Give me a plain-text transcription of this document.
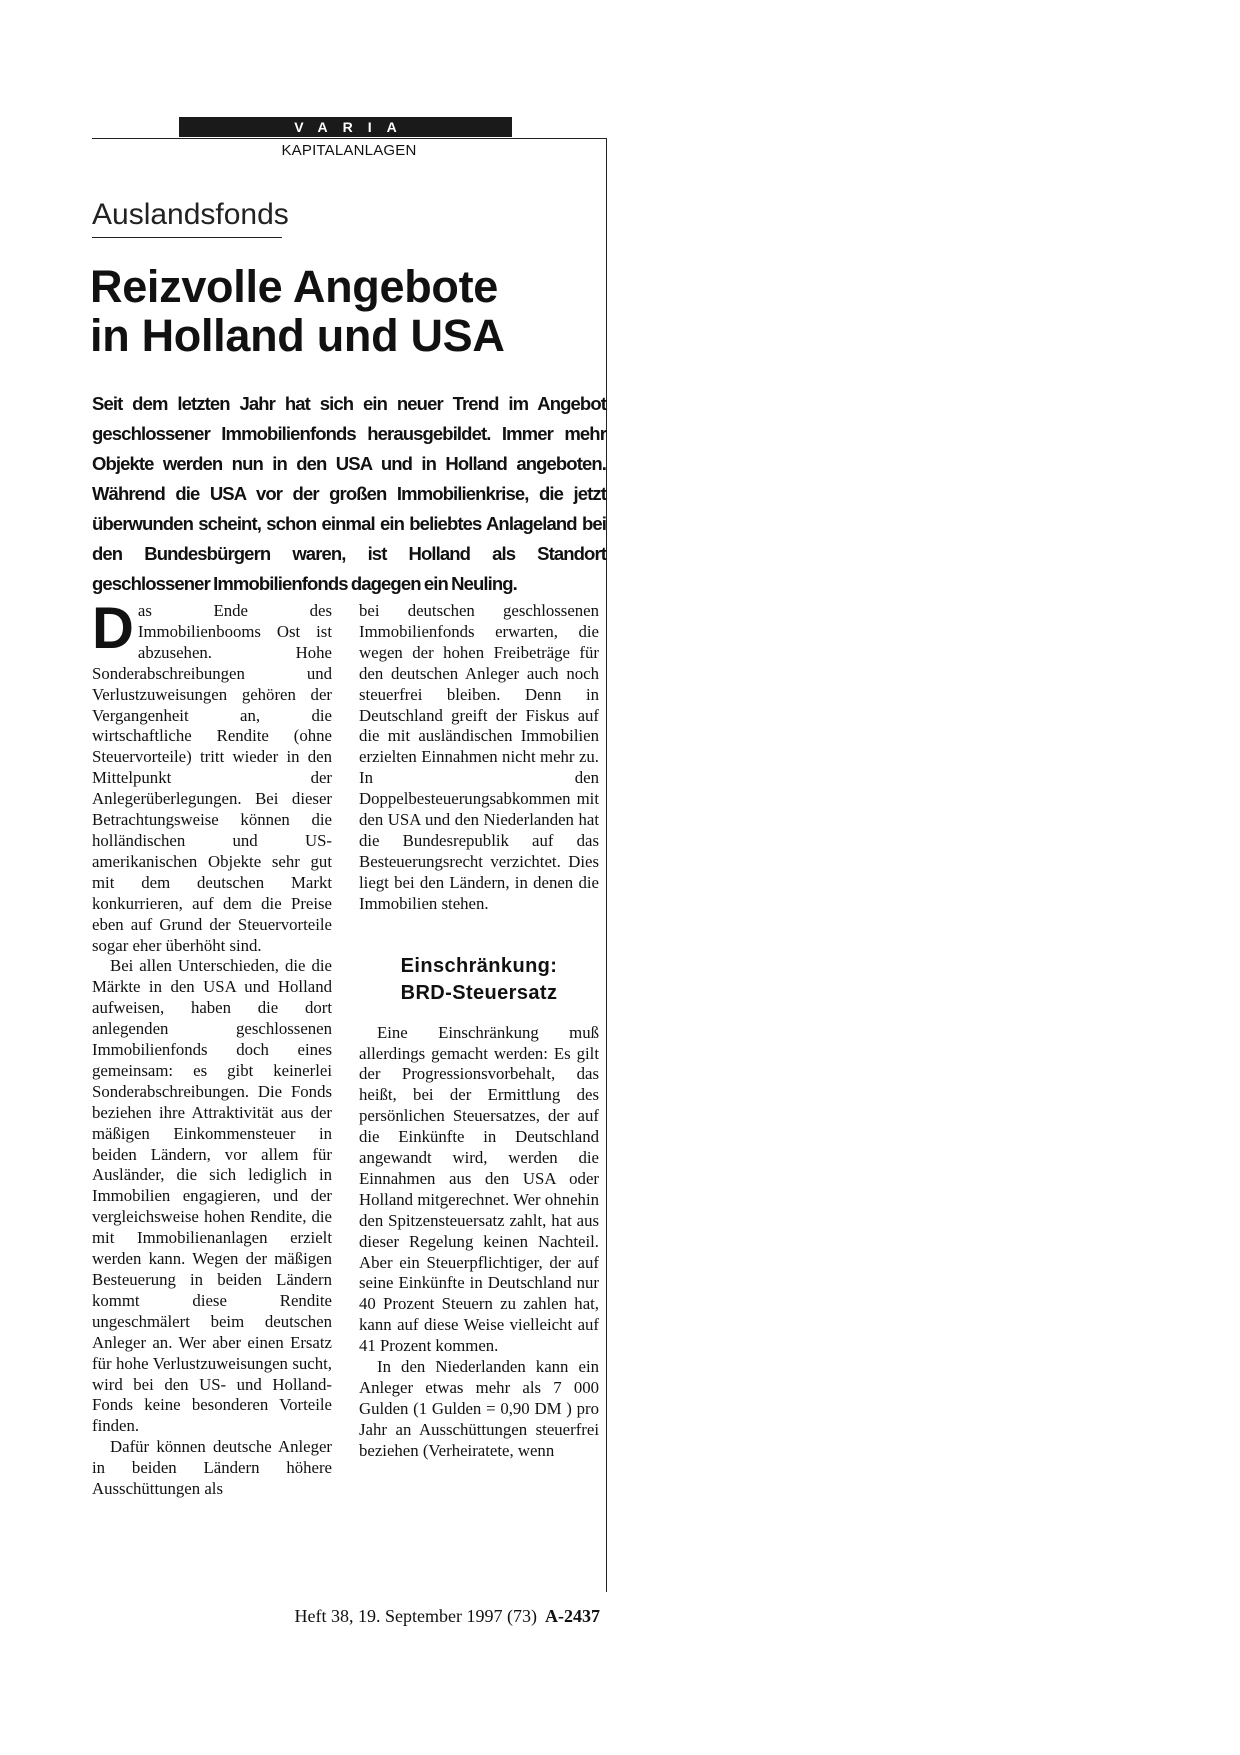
VARIA
KAPITALANLAGEN
Auslandsfonds
Reizvolle Angebote
in Holland und USA

Seit dem letzten Jahr hat sich ein neuer Trend im Angebot geschlossener Immobilienfonds herausgebildet. Immer mehr Objekte werden nun in den USA und in Holland angeboten. Während die USA vor der großen Immobilienkrise, die jetzt überwunden scheint, schon einmal ein beliebtes Anlageland bei den Bundesbürgern waren, ist Holland als Standort geschlossener Immobilienfonds dagegen ein Neuling.

Das Ende des Immobilienbooms Ost ist abzusehen. Hohe Sonderabschreibungen und Verlustzuweisungen gehören der Vergangenheit an, die wirtschaftliche Rendite (ohne Steuervorteile) tritt wieder in den Mittelpunkt der Anlegerüberlegungen. Bei dieser Betrachtungsweise können die holländischen und US-amerikanischen Objekte sehr gut mit dem deutschen Markt konkurrieren, auf dem die Preise eben auf Grund der Steuervorteile sogar eher überhöht sind.

Bei allen Unterschieden, die die Märkte in den USA und Holland aufweisen, haben die dort anlegenden geschlossenen Immobilienfonds doch eines gemeinsam: es gibt keinerlei Sonderabschreibungen. Die Fonds beziehen ihre Attraktivität aus der mäßigen Einkommensteuer in beiden Ländern, vor allem für Ausländer, die sich lediglich in Immobilien engagieren, und der vergleichsweise hohen Rendite, die mit Immobilienanlagen erzielt werden kann. Wegen der mäßigen Besteuerung in beiden Ländern kommt diese Rendite ungeschmälert beim deutschen Anleger an. Wer aber einen Ersatz für hohe Verlustzuweisungen sucht, wird bei den US- und Holland-Fonds keine besonderen Vorteile finden.

Dafür können deutsche Anleger in beiden Ländern höhere Ausschüttungen als

bei deutschen geschlossenen Immobilienfonds erwarten, die wegen der hohen Freibeträge für den deutschen Anleger auch noch steuerfrei bleiben. Denn in Deutschland greift der Fiskus auf die mit ausländischen Immobilien erzielten Einnahmen nicht mehr zu. In den Doppelbesteuerungsabkommen mit den USA und den Niederlanden hat die Bundesrepublik auf das Besteuerungsrecht verzichtet. Dies liegt bei den Ländern, in denen die Immobilien stehen.

Einschränkung:
BRD-Steuersatz

Eine Einschränkung muß allerdings gemacht werden: Es gilt der Progressionsvorbehalt, das heißt, bei der Ermittlung des persönlichen Steuersatzes, der auf die Einkünfte in Deutschland angewandt wird, werden die Einnahmen aus den USA oder Holland mitgerechnet. Wer ohnehin den Spitzensteuersatz zahlt, hat aus dieser Regelung keinen Nachteil. Aber ein Steuerpflichtiger, der auf seine Einkünfte in Deutschland nur 40 Prozent Steuern zu zahlen hat, kann auf diese Weise vielleicht auf 41 Prozent kommen.

In den Niederlanden kann ein Anleger etwas mehr als 7 000 Gulden (1 Gulden = 0,90 DM ) pro Jahr an Ausschüttungen steuerfrei beziehen (Verheiratete, wenn

Heft 38, 19. September 1997 (73) A-2437
